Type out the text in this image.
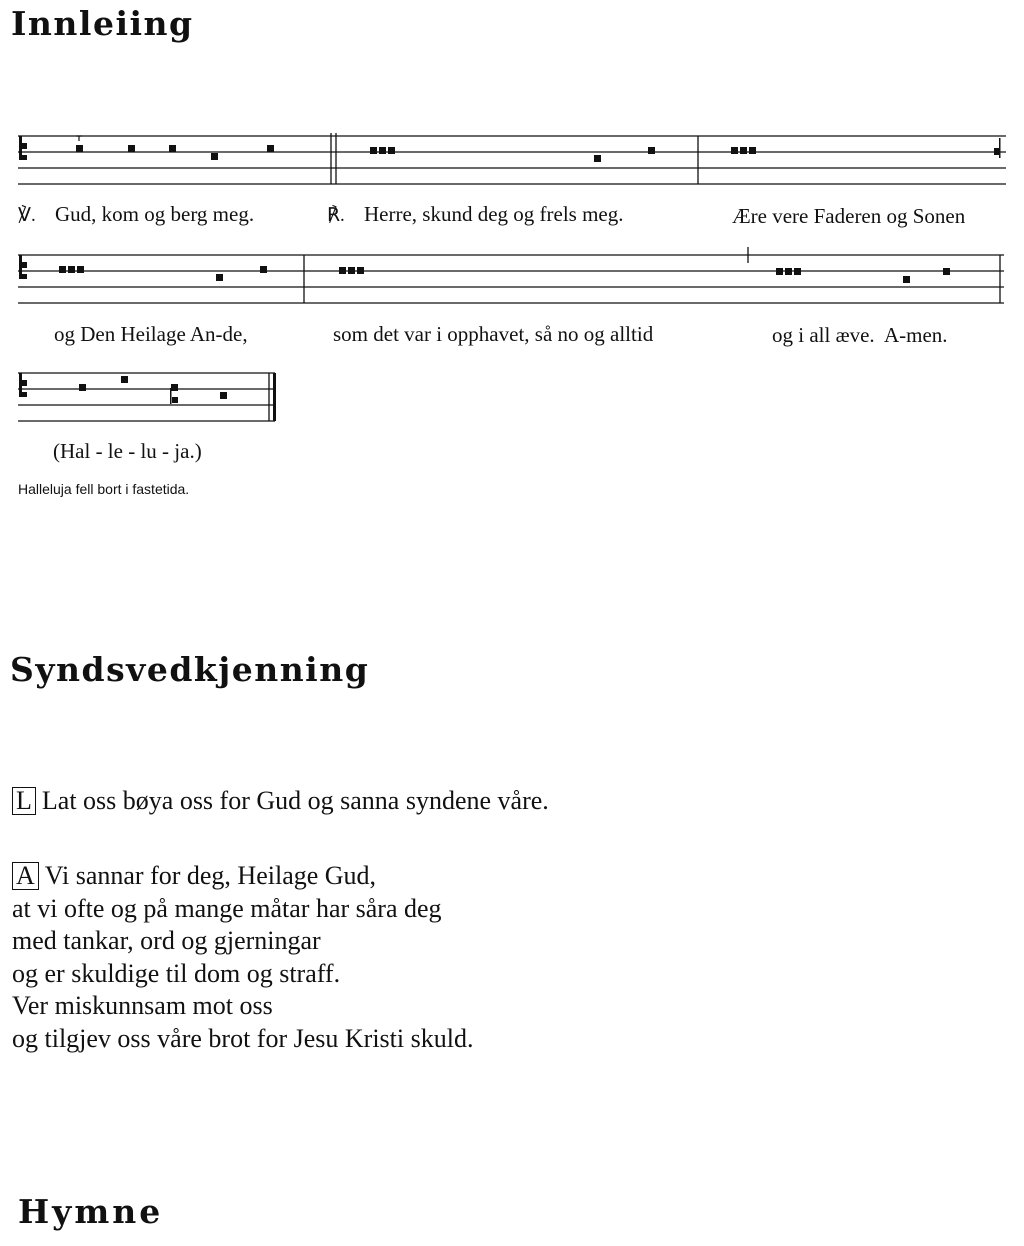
Innleiing
℣. Gud, kom og berg meg.	℟. Herre, skund deg og frels meg.	Ære vere Faderen og Sonen
og Den Heilage An-de,	som det var i opphavet, så no og alltid	og i all æve.  A-men.
(Hal - le - lu - ja.)
Halleluja fell bort i fastetida.
Syndsvedkjenning
L Lat oss bøya oss for Gud og sanna syndene våre.
A Vi sannar for deg, Heilage Gud,
at vi ofte og på mange måtar har såra deg
med tankar, ord og gjerningar
og er skuldige til dom og straff.
Ver miskunnsam mot oss
og tilgjev oss våre brot for Jesu Kristi skuld.
Hymne
